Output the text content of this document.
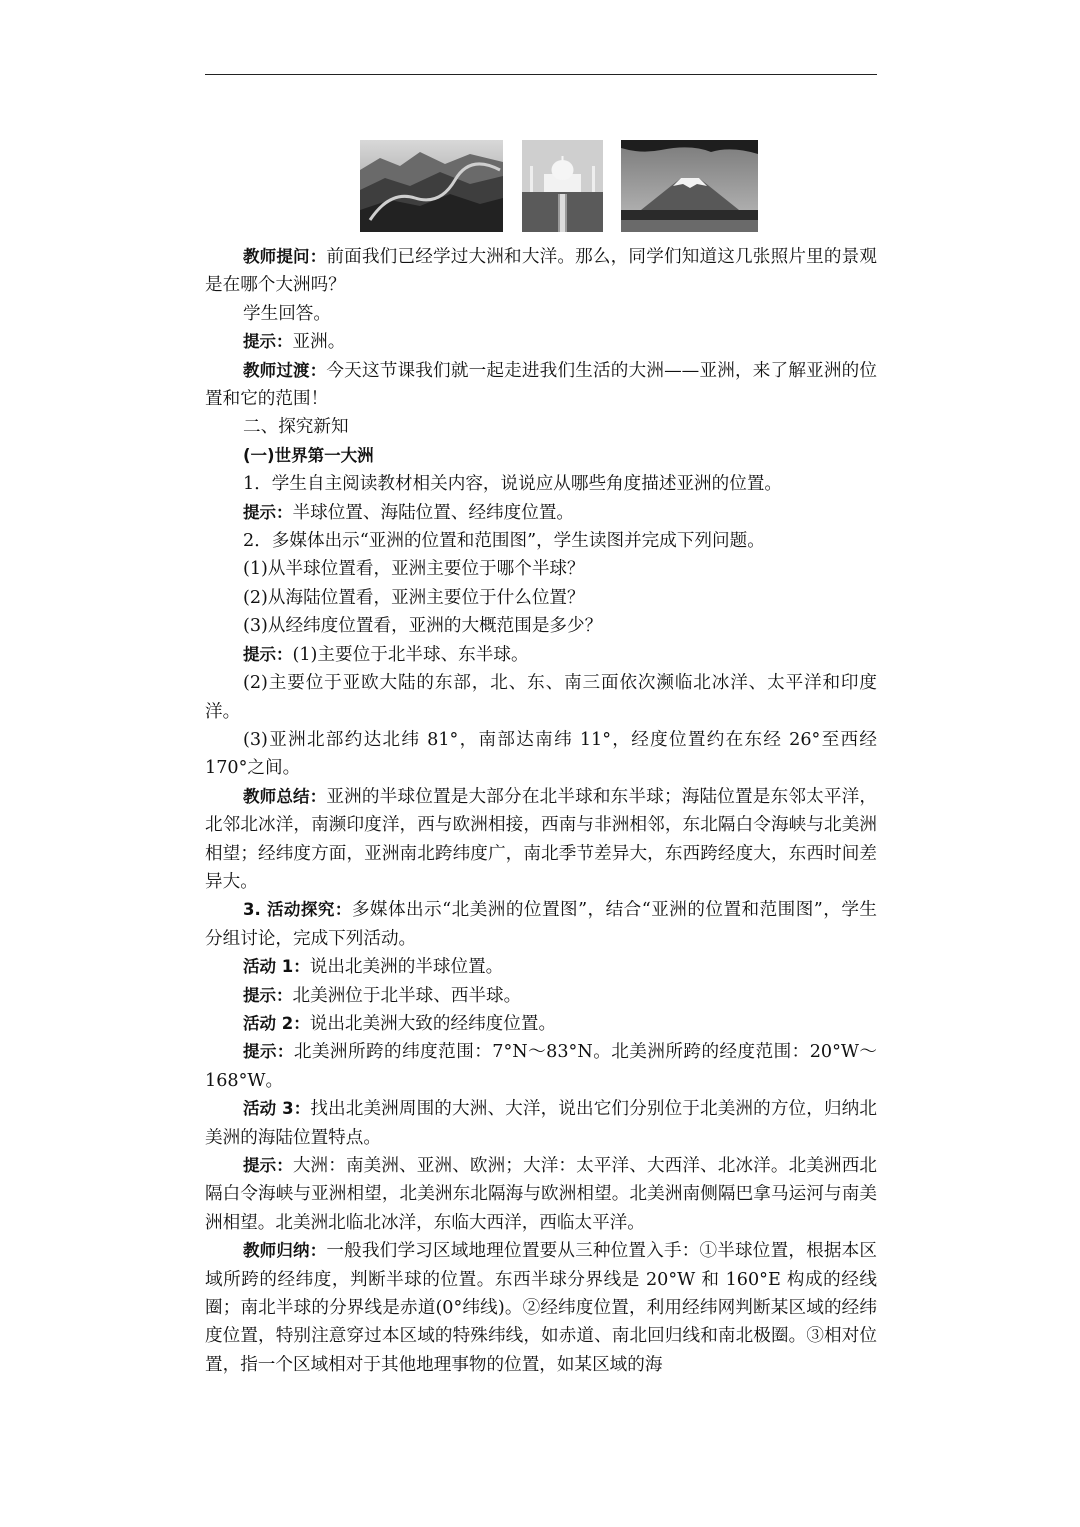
教师提问：前面我们已经学过大洲和大洋。那么，同学们知道这几张照片里的景观是在哪个大洲吗？

学生回答。

提示：亚洲。

教师过渡：今天这节课我们就一起走进我们生活的大洲——亚洲，来了解亚洲的位置和它的范围！

二、探究新知

(一)世界第一大洲

1．学生自主阅读教材相关内容，说说应从哪些角度描述亚洲的位置。

提示：半球位置、海陆位置、经纬度位置。

2．多媒体出示“亚洲的位置和范围图”，学生读图并完成下列问题。

(1)从半球位置看，亚洲主要位于哪个半球？

(2)从海陆位置看，亚洲主要位于什么位置？

(3)从经纬度位置看，亚洲的大概范围是多少？

提示：(1)主要位于北半球、东半球。

(2)主要位于亚欧大陆的东部，北、东、南三面依次濒临北冰洋、太平洋和印度洋。

(3)亚洲北部约达北纬 81°，南部达南纬 11°，经度位置约在东经 26°至西经 170°之间。

教师总结：亚洲的半球位置是大部分在北半球和东半球；海陆位置是东邻太平洋，北邻北冰洋，南濒印度洋，西与欧洲相接，西南与非洲相邻，东北隔白令海峡与北美洲相望；经纬度方面，亚洲南北跨纬度广，南北季节差异大，东西跨经度大，东西时间差异大。

3. 活动探究：多媒体出示“北美洲的位置图”，结合“亚洲的位置和范围图”，学生分组讨论，完成下列活动。

活动 1：说出北美洲的半球位置。

提示：北美洲位于北半球、西半球。

活动 2：说出北美洲大致的经纬度位置。

提示：北美洲所跨的纬度范围：7°N～83°N。北美洲所跨的经度范围：20°W～168°W。

活动 3：找出北美洲周围的大洲、大洋，说出它们分别位于北美洲的方位，归纳北美洲的海陆位置特点。

提示：大洲：南美洲、亚洲、欧洲；大洋：太平洋、大西洋、北冰洋。北美洲西北隔白令海峡与亚洲相望，北美洲东北隔海与欧洲相望。北美洲南侧隔巴拿马运河与南美洲相望。北美洲北临北冰洋，东临大西洋，西临太平洋。

教师归纳：一般我们学习区域地理位置要从三种位置入手：①半球位置，根据本区域所跨的经纬度，判断半球的位置。东西半球分界线是 20°W 和 160°E 构成的经线圈；南北半球的分界线是赤道(0°纬线)。②经纬度位置，利用经纬网判断某区域的经纬度位置，特别注意穿过本区域的特殊纬线，如赤道、南北回归线和南北极圈。③相对位置，指一个区域相对于其他地理事物的位置，如某区域的海
